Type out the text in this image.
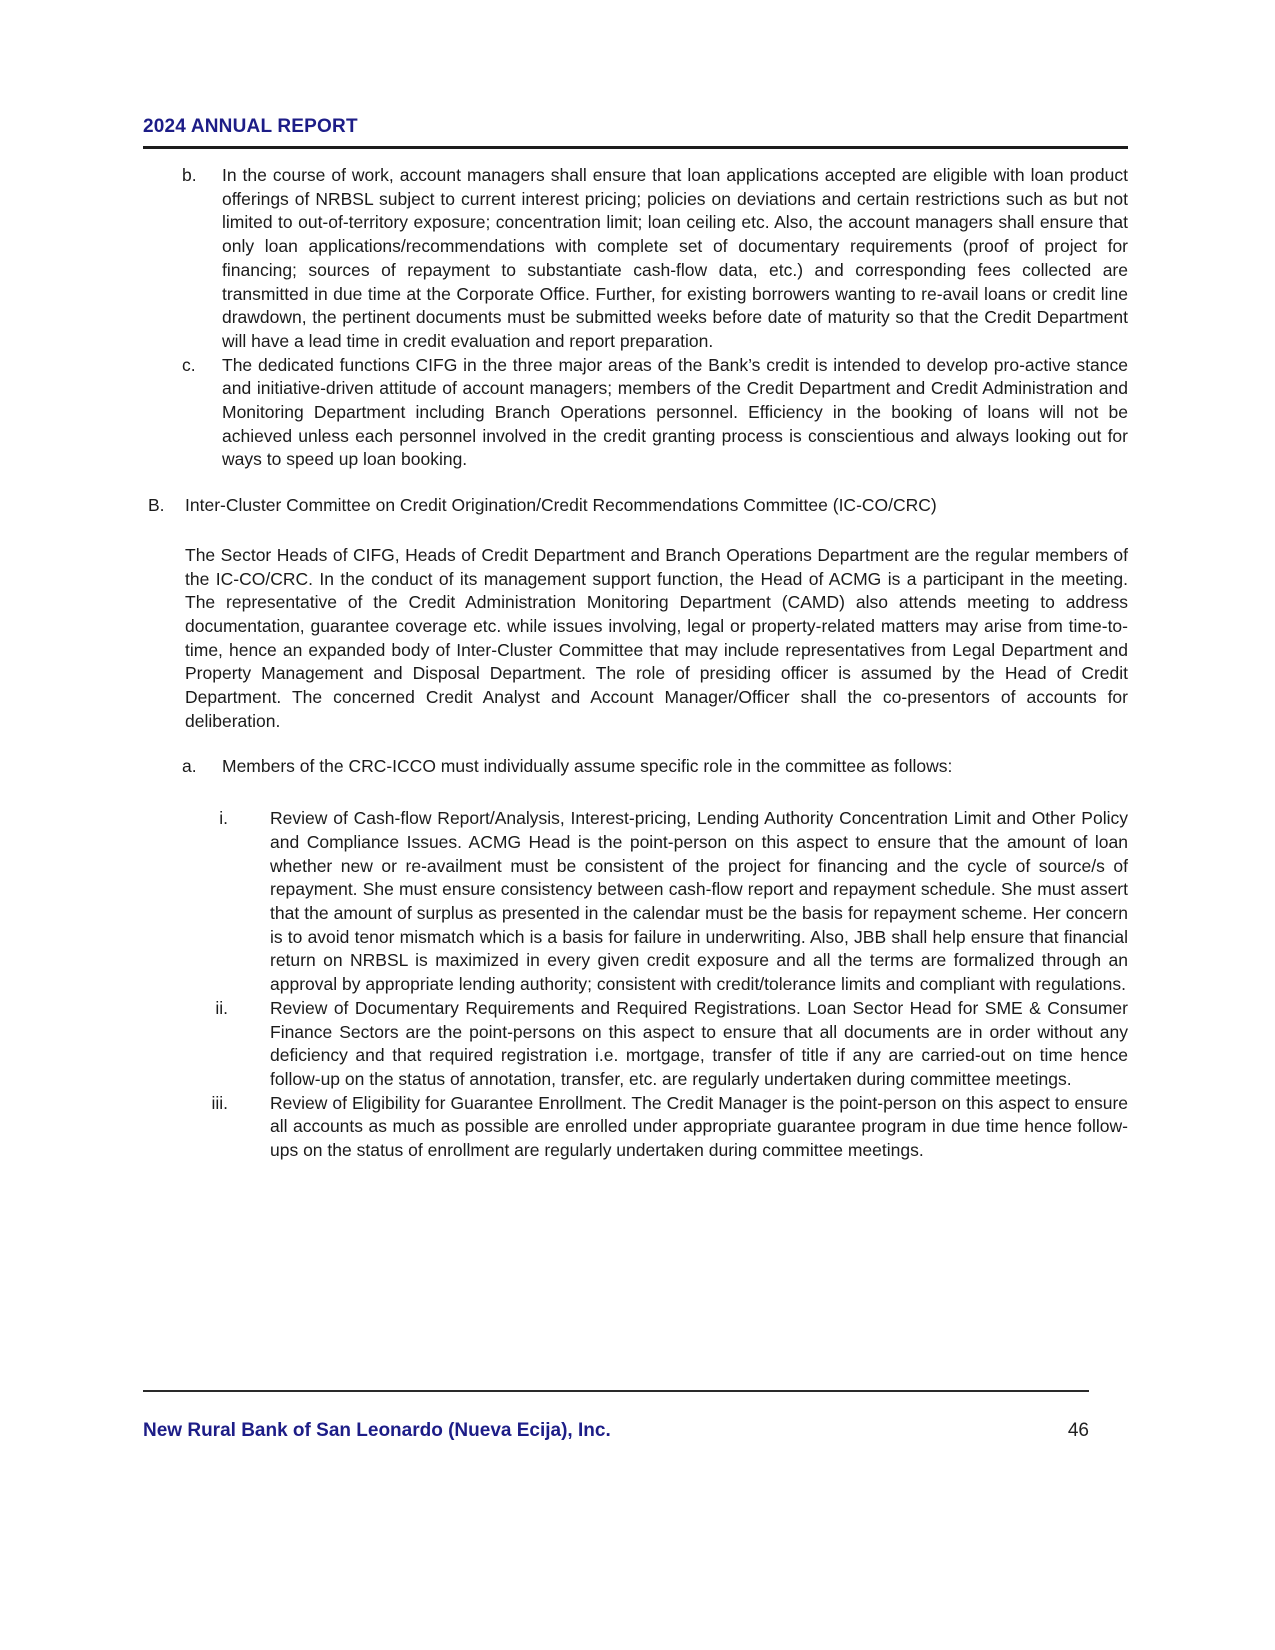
2024 ANNUAL REPORT
b.	In the course of work, account managers shall ensure that loan applications accepted are eligible with loan product offerings of NRBSL subject to current interest pricing; policies on deviations and certain restrictions such as but not limited to out-of-territory exposure; concentration limit; loan ceiling etc. Also, the account managers shall ensure that only loan applications/recommendations with complete set of documentary requirements (proof of project for financing; sources of repayment to substantiate cash-flow data, etc.) and corresponding fees collected are transmitted in due time at the Corporate Office. Further, for existing borrowers wanting to re-avail loans or credit line drawdown, the pertinent documents must be submitted weeks before date of maturity so that the Credit Department will have a lead time in credit evaluation and report preparation.
c.	The dedicated functions CIFG in the three major areas of the Bank’s credit is intended to develop pro-active stance and initiative-driven attitude of account managers; members of the Credit Department and Credit Administration and Monitoring Department including Branch Operations personnel. Efficiency in the booking of loans will not be achieved unless each personnel involved in the credit granting process is conscientious and always looking out for ways to speed up loan booking.
B.	Inter-Cluster Committee on Credit Origination/Credit Recommendations Committee (IC-CO/CRC)

The Sector Heads of CIFG, Heads of Credit Department and Branch Operations Department are the regular members of the IC-CO/CRC. In the conduct of its management support function, the Head of ACMG is a participant in the meeting. The representative of the Credit Administration Monitoring Department (CAMD) also attends meeting to address documentation, guarantee coverage etc. while issues involving, legal or property-related matters may arise from time-to-time, hence an expanded body of Inter-Cluster Committee that may include representatives from Legal Department and Property Management and Disposal Department. The role of presiding officer is assumed by the Head of Credit Department. The concerned Credit Analyst and Account Manager/Officer shall the co-presentors of accounts for deliberation.

a.	Members of the CRC-ICCO must individually assume specific role in the committee as follows:
i. Review of Cash-flow Report/Analysis, Interest-pricing, Lending Authority Concentration Limit and Other Policy and Compliance Issues. ACMG Head is the point-person on this aspect to ensure that the amount of loan whether new or re-availment must be consistent of the project for financing and the cycle of source/s of repayment. She must ensure consistency between cash-flow report and repayment schedule. She must assert that the amount of surplus as presented in the calendar must be the basis for repayment scheme. Her concern is to avoid tenor mismatch which is a basis for failure in underwriting. Also, JBB shall help ensure that financial return on NRBSL is maximized in every given credit exposure and all the terms are formalized through an approval by appropriate lending authority; consistent with credit/tolerance limits and compliant with regulations.
ii. Review of Documentary Requirements and Required Registrations. Loan Sector Head for SME & Consumer Finance Sectors are the point-persons on this aspect to ensure that all documents are in order without any deficiency and that required registration i.e. mortgage, transfer of title if any are carried-out on time hence follow-up on the status of annotation, transfer, etc. are regularly undertaken during committee meetings.
iii. Review of Eligibility for Guarantee Enrollment. The Credit Manager is the point-person on this aspect to ensure all accounts as much as possible are enrolled under appropriate guarantee program in due time hence follow-ups on the status of enrollment are regularly undertaken during committee meetings.
New Rural Bank of San Leonardo (Nueva Ecija), Inc.	46
